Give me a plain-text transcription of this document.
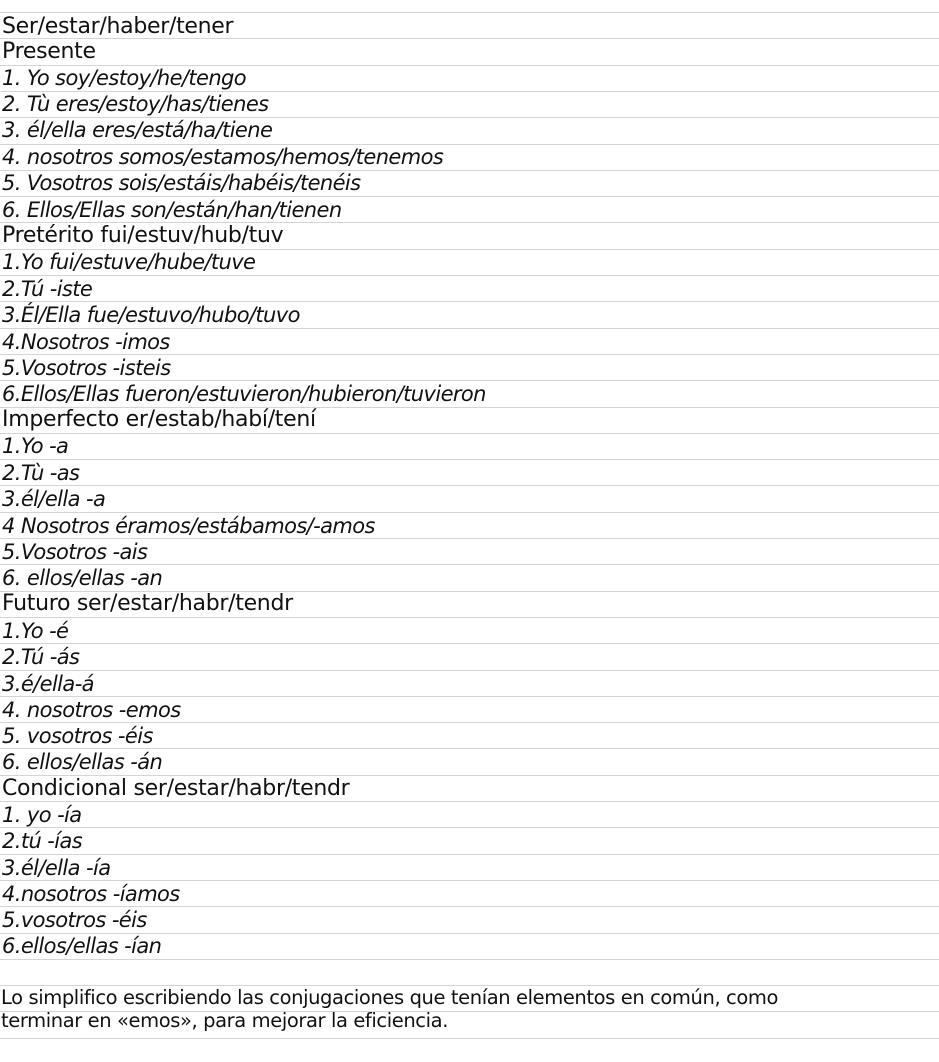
Ser/estar/haber/tener

Presente

1. Yo soy/estoy/he/tengo

2. Tù eres/estoy/has/tienes

3. él/ella eres/está/ha/tiene

4. nosotros somos/estamos/hemos/tenemos

5. Vosotros sois/estáis/habéis/tenéis

6. Ellos/Ellas son/están/han/tienen

Pretérito fui/estuv/hub/tuv

1.Yo fui/estuve/hube/tuve

2.Tú -iste

3.Él/Ella fue/estuvo/hubo/tuvo

4.Nosotros -imos

5.Vosotros -isteis

6.Ellos/Ellas fueron/estuvieron/hubieron/tuvieron

Imperfecto er/estab/habí/tení

1.Yo -a

2.Tù -as

3.él/ella -a

4 Nosotros éramos/estábamos/-amos

5.Vosotros -ais

6. ellos/ellas -an

Futuro ser/estar/habr/tendr

1.Yo -é

2.Tú -ás

3.é/ella-á

4. nosotros -emos

5. vosotros -éis

6. ellos/ellas -án

Condicional ser/estar/habr/tendr

1. yo -ía

2.tú -ías

3.él/ella -ía

4.nosotros -íamos

5.vosotros -éis

6.ellos/ellas -ían

Lo simplifico escribiendo las conjugaciones que tenían elementos en común, como

terminar en «emos», para mejorar la eficiencia.
